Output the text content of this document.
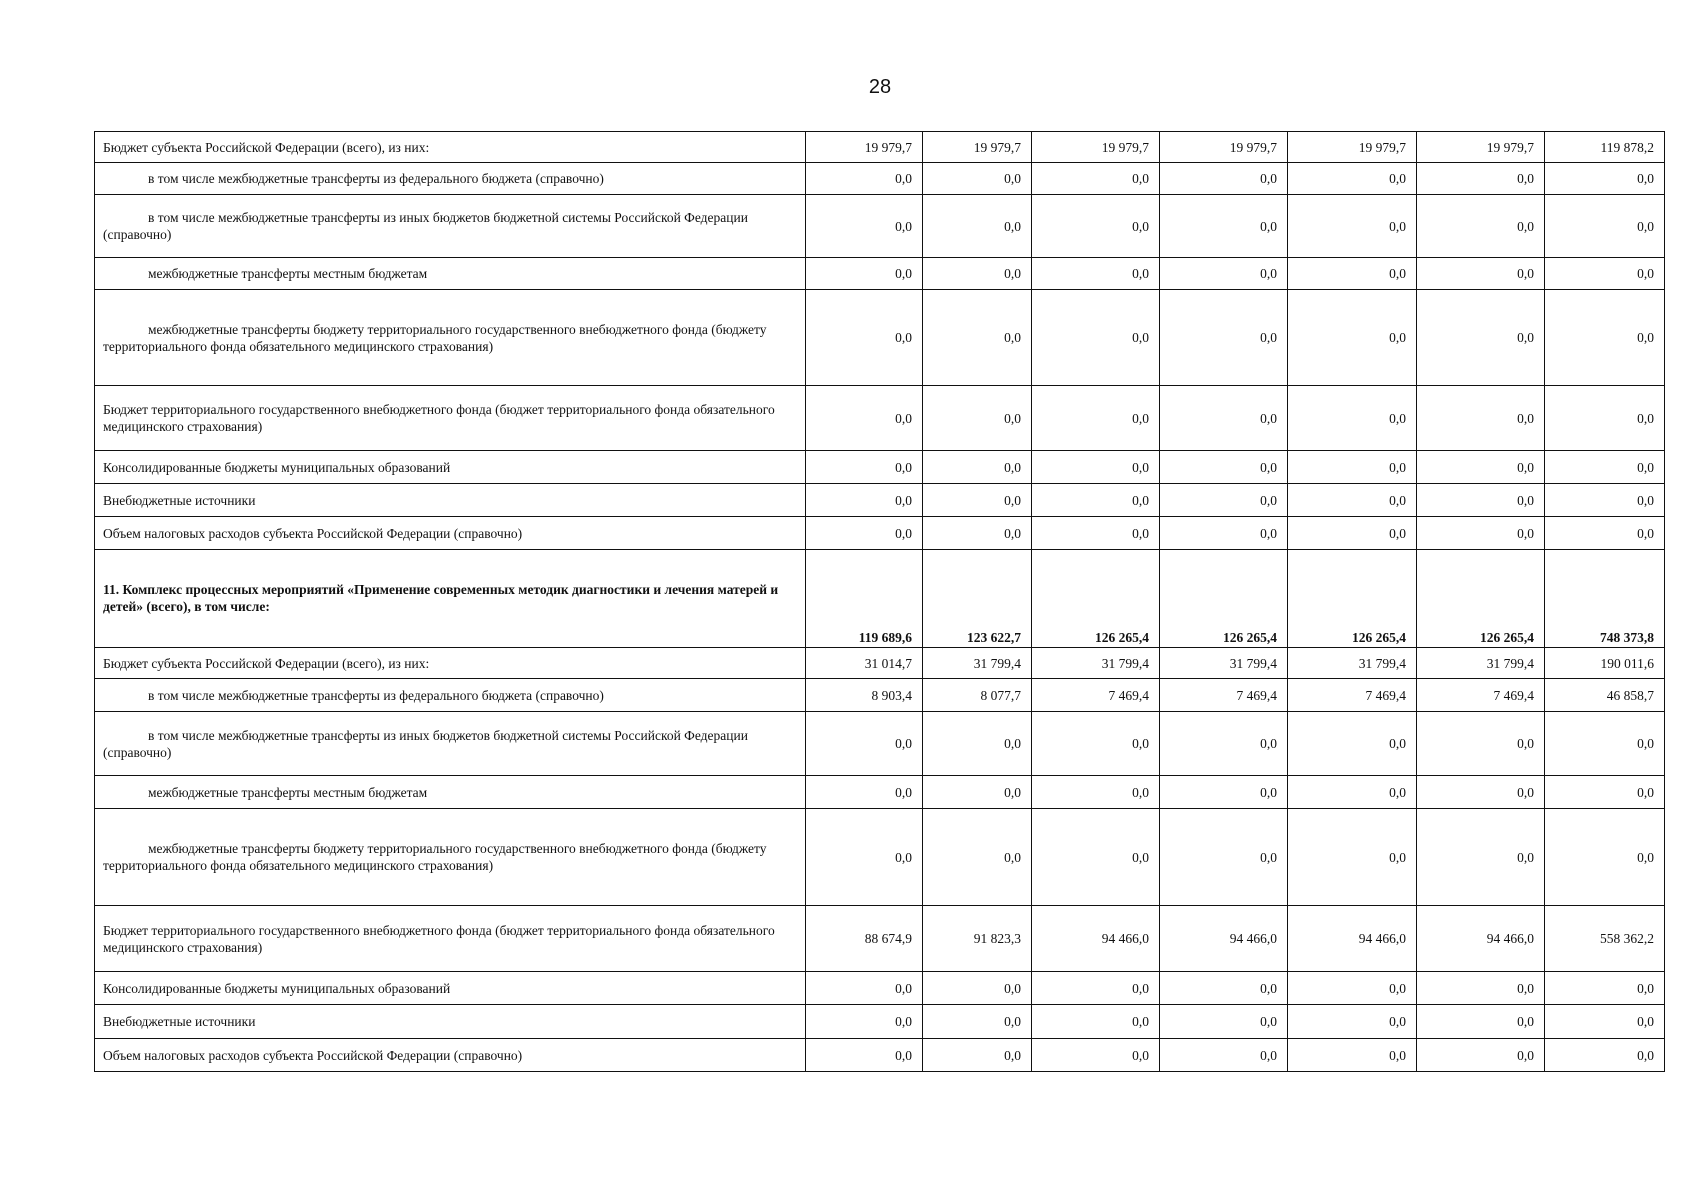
28
Бюджет субъекта Российской Федерации (всего), из них:	19 979,7	19 979,7	19 979,7	19 979,7	19 979,7	19 979,7	119 878,2
в том числе межбюджетные трансферты из федерального бюджета (справочно)	0,0	0,0	0,0	0,0	0,0	0,0	0,0
в том числе межбюджетные трансферты из иных бюджетов бюджетной системы Российской Федерации (справочно)	0,0	0,0	0,0	0,0	0,0	0,0	0,0
межбюджетные трансферты местным бюджетам	0,0	0,0	0,0	0,0	0,0	0,0	0,0
межбюджетные трансферты бюджету территориального государственного внебюджетного фонда (бюджету территориального фонда обязательного медицинского страхования)	0,0	0,0	0,0	0,0	0,0	0,0	0,0
Бюджет территориального государственного внебюджетного фонда (бюджет территориального фонда обязательного медицинского страхования)	0,0	0,0	0,0	0,0	0,0	0,0	0,0
Консолидированные бюджеты муниципальных образований	0,0	0,0	0,0	0,0	0,0	0,0	0,0
Внебюджетные источники	0,0	0,0	0,0	0,0	0,0	0,0	0,0
Объем налоговых расходов субъекта Российской Федерации (справочно)	0,0	0,0	0,0	0,0	0,0	0,0	0,0
11. Комплекс процессных мероприятий «Применение современных методик диагностики и лечения матерей и детей» (всего), в том числе:	119 689,6	123 622,7	126 265,4	126 265,4	126 265,4	126 265,4	748 373,8
Бюджет субъекта Российской Федерации (всего), из них:	31 014,7	31 799,4	31 799,4	31 799,4	31 799,4	31 799,4	190 011,6
в том числе межбюджетные трансферты из федерального бюджета (справочно)	8 903,4	8 077,7	7 469,4	7 469,4	7 469,4	7 469,4	46 858,7
в том числе межбюджетные трансферты из иных бюджетов бюджетной системы Российской Федерации (справочно)	0,0	0,0	0,0	0,0	0,0	0,0	0,0
межбюджетные трансферты местным бюджетам	0,0	0,0	0,0	0,0	0,0	0,0	0,0
межбюджетные трансферты бюджету территориального государственного внебюджетного фонда (бюджету территориального фонда обязательного медицинского страхования)	0,0	0,0	0,0	0,0	0,0	0,0	0,0
Бюджет территориального государственного внебюджетного фонда (бюджет территориального фонда обязательного медицинского страхования)	88 674,9	91 823,3	94 466,0	94 466,0	94 466,0	94 466,0	558 362,2
Консолидированные бюджеты муниципальных образований	0,0	0,0	0,0	0,0	0,0	0,0	0,0
Внебюджетные источники	0,0	0,0	0,0	0,0	0,0	0,0	0,0
Объем налоговых расходов субъекта Российской Федерации (справочно)	0,0	0,0	0,0	0,0	0,0	0,0	0,0
